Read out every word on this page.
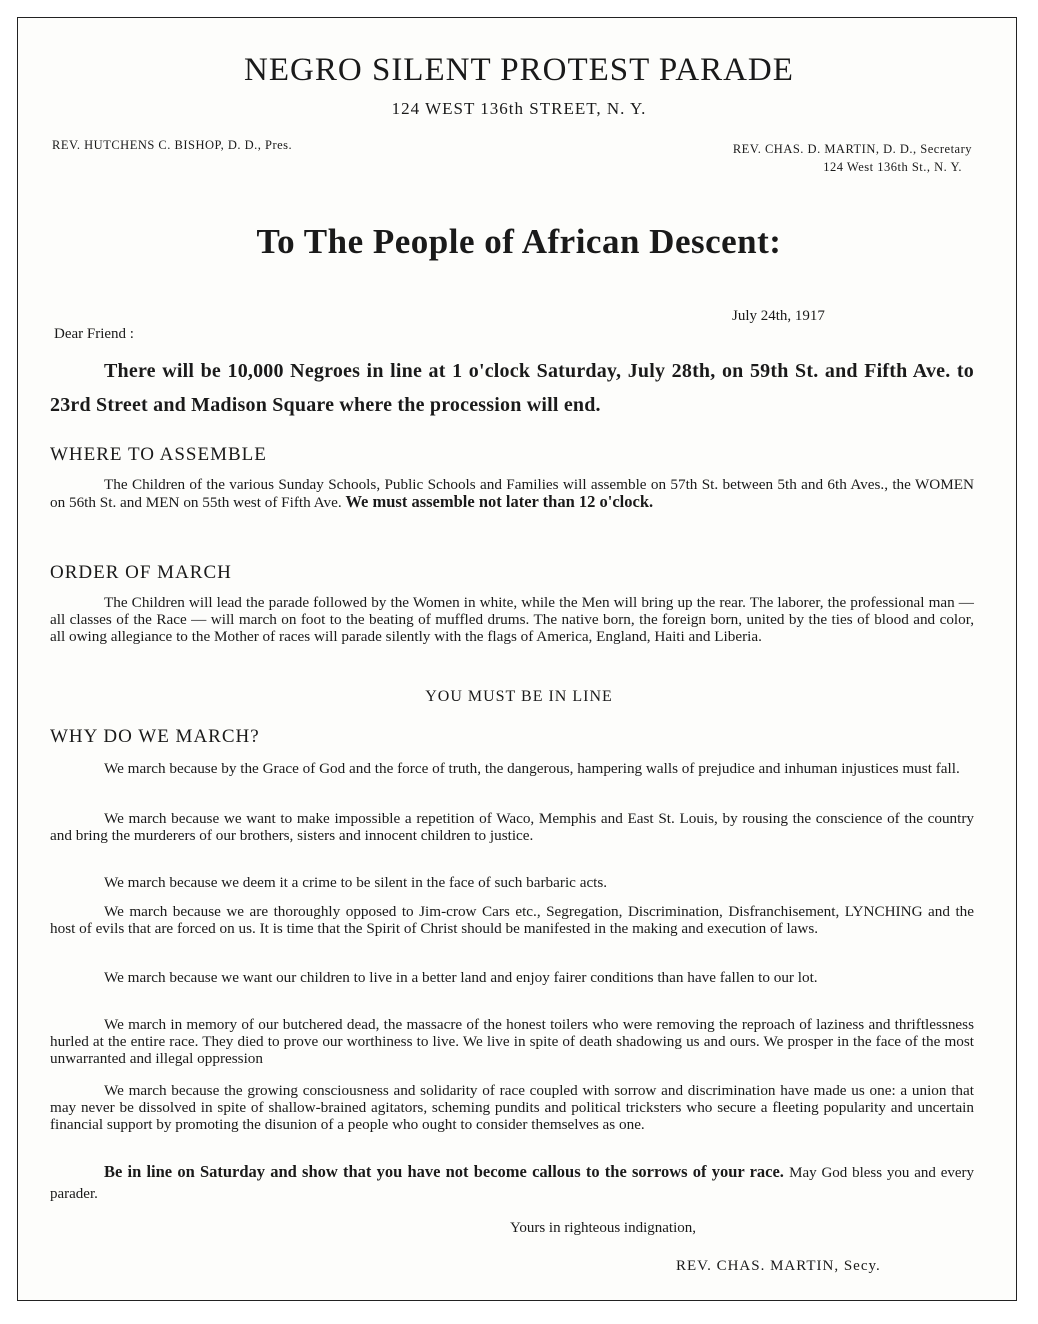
NEGRO SILENT PROTEST PARADE
124 WEST 136th STREET, N. Y.
REV. HUTCHENS C. BISHOP, D. D., Pres.	REV. CHAS. D. MARTIN, D. D., Secretary
124 West 136th St., N. Y.
To The People of African Descent:
July 24th, 1917
Dear Friend :
There will be 10,000 Negroes in line at 1 o'clock Saturday, July 28th, on 59th St. and Fifth Ave. to 23rd Street and Madison Square where the procession will end.
WHERE TO ASSEMBLE
The Children of the various Sunday Schools, Public Schools and Families will assemble on 57th St. between 5th and 6th Aves., the WOMEN on 56th St. and MEN on 55th west of Fifth Ave. We must assemble not later than 12 o'clock.
ORDER OF MARCH
The Children will lead the parade followed by the Women in white, while the Men will bring up the rear. The laborer, the professional man — all classes of the Race — will march on foot to the beating of muffled drums. The native born, the foreign born, united by the ties of blood and color, all owing allegiance to the Mother of races will parade silently with the flags of America, England, Haiti and Liberia.
YOU MUST BE IN LINE
WHY DO WE MARCH?
We march because by the Grace of God and the force of truth, the dangerous, hampering walls of prejudice and inhuman injustices must fall.
We march because we want to make impossible a repetition of Waco, Memphis and East St. Louis, by rousing the conscience of the country and bring the murderers of our brothers, sisters and innocent children to justice.
We march because we deem it a crime to be silent in the face of such barbaric acts.
We march because we are thoroughly opposed to Jim-crow Cars etc., Segregation, Discrimination, Disfranchisement, LYNCHING and the host of evils that are forced on us. It is time that the Spirit of Christ should be manifested in the making and execution of laws.
We march because we want our children to live in a better land and enjoy fairer conditions than have fallen to our lot.
We march in memory of our butchered dead, the massacre of the honest toilers who were removing the reproach of laziness and thriftlessness hurled at the entire race. They died to prove our worthiness to live. We live in spite of death shadowing us and ours. We prosper in the face of the most unwarranted and illegal oppression
We march because the growing consciousness and solidarity of race coupled with sorrow and discrimination have made us one: a union that may never be dissolved in spite of shallow-brained agitators, scheming pundits and political tricksters who secure a fleeting popularity and uncertain financial support by promoting the disunion of a people who ought to consider themselves as one.
Be in line on Saturday and show that you have not become callous to the sorrows of your race. May God bless you and every parader.
Yours in righteous indignation,
REV. CHAS. MARTIN, Secy.
